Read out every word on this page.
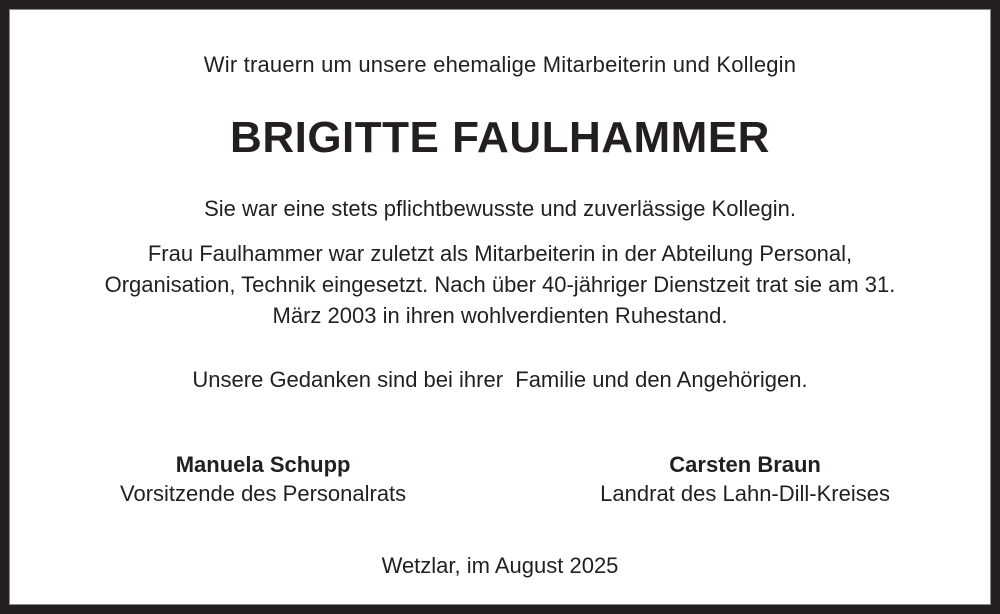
Wir trauern um unsere ehemalige Mitarbeiterin und Kollegin

BRIGITTE FAULHAMMER

Sie war eine stets pflichtbewusste und zuverlässige Kollegin.

Frau Faulhammer war zuletzt als Mitarbeiterin in der Abteilung Personal, Organisation, Technik eingesetzt. Nach über 40-jähriger Dienstzeit trat sie am 31. März 2003 in ihren wohlverdienten Ruhestand.

Unsere Gedanken sind bei ihrer  Familie und den Angehörigen.

Manuela Schupp
Vorsitzende des Personalrats
Carsten Braun
Landrat des Lahn-Dill-Kreises

Wetzlar, im August 2025
